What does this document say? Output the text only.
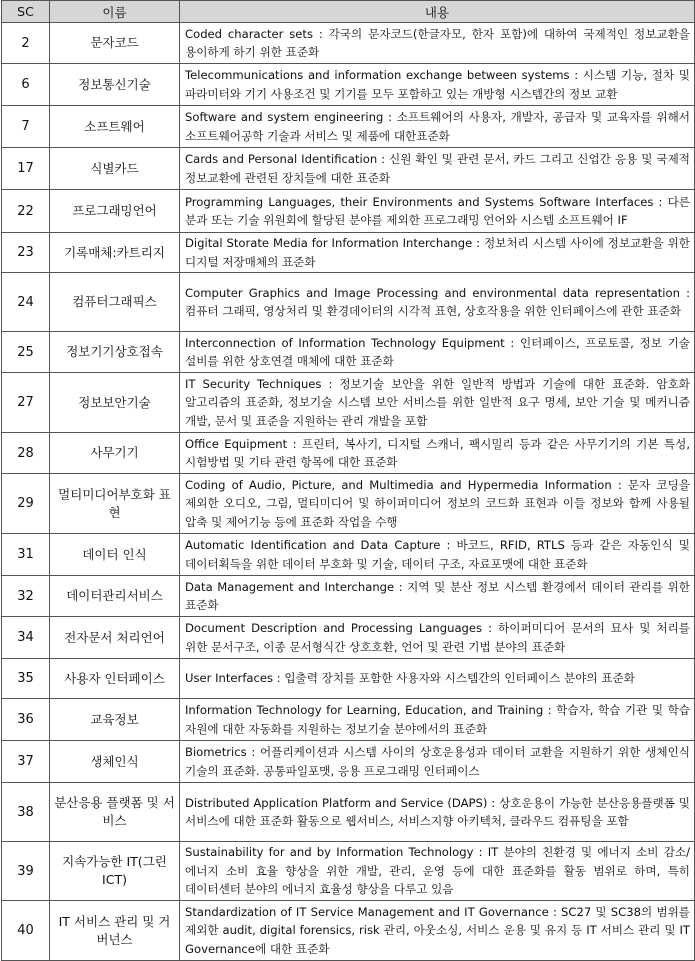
SC	이름	내용
2	문자코드	Coded character sets : 각국의 문자코드(한글자모, 한자 포함)에 대하여 국제적인 정보교환을 용이하게 하기 위한 표준화
6	정보통신기술	Telecommunications and information exchange between systems : 시스템 기능, 절차 및 파라미터와 기기 사용조건 및 기기를 모두 포함하고 있는 개방형 시스템간의 정보 교환
7	소프트웨어	Software and system engineering : 소프트웨어의 사용자, 개발자, 공급자 및 교육자를 위해서 소프트웨어공학 기술과 서비스 및 제품에 대한표준화
17	식별카드	Cards and Personal Identification : 신원 확인 및 관련 문서, 카드 그리고 신업간 응용 및 국제적 정보교환에 관련된 장치들에 대한 표준화
22	프로그래밍언어	Programming Languages, their Environments and Systems Software Interfaces : 다른 분과 또는 기술 위원회에 할당된 분야를 제외한 프로그래밍 언어와 시스템 소프트웨어 IF
23	기록매체:카트리지	Digital Storate Media for Information Interchange : 정보처리 시스템 사이에 정보교환을 위한 디지털 저장매체의 표준화
24	컴퓨터그래픽스	Computer Graphics and Image Processing and environmental data representation : 컴퓨터 그래픽, 영상처리 및 환경데이터의 시각적 표현, 상호작용을 위한 인터페이스에 관한 표준화
25	정보기기상호접속	Interconnection of Information Technology Equipment : 인터페이스, 프로토콜, 정보 기술 설비를 위한 상호연결 매체에 대한 표준화
27	정보보안기술	IT Security Techniques : 정보기술 보안을 위한 일반적 방법과 기술에 대한 표준화. 암호화 알고리즘의 표준화, 정보기술 시스템 보안 서비스를 위한 일반적 요구 명세, 보안 기술 및 메커니즘 개발, 문서 및 표준을 지원하는 관리 개발을 포함
28	사무기기	Office Equipment : 프린터, 복사기, 디지털 스캐너, 팩시밀리 등과 같은 사무기기의 기본 특성, 시험방법 및 기타 관련 항목에 대한 표준화
29	멀티미디어부호화 표현	Coding of Audio, Picture, and Multimedia and Hypermedia Information : 문자 코딩을 제외한 오디오, 그림, 멀티미디어 및 하이퍼미디어 정보의 코드화 표현과 이들 정보와 함께 사용될 압축 및 제어기능 등에 표준화 작업을 수행
31	데이터 인식	Automatic Identification and Data Capture : 바코드, RFID, RTLS 등과 같은 자동인식 및 데이터획득을 위한 데이터 부호화 및 기술, 데이터 구조, 자료포맷에 대한 표준화
32	데이터관리서비스	Data Management and Interchange : 지역 및 분산 정보 시스템 환경에서 데이터 관리를 위한 표준화
34	전자문서 처리언어	Document Description and Processing Languages : 하이퍼미디어 문서의 묘사 및 처리를 위한 문서구조, 이종 문서형식간 상호호환, 언어 및 관련 기법 분야의 표준화
35	사용자 인터페이스	User Interfaces : 입출력 장치를 포함한 사용자와 시스템간의 인터페이스 분야의 표준화
36	교육정보	Information Technology for Learning, Education, and Training : 학습자, 학습 기관 및 학습 자원에 대한 자동화를 지원하는 정보기술 분야에서의 표준화
37	생체인식	Biometrics : 어플리케이션과 시스템 사이의 상호운용성과 데이터 교환을 지원하기 위한 생체인식 기술의 표준화. 공통파일포맷, 응용 프로그래밍 인터페이스
38	분산응용 플랫폼 및 서비스	Distributed Application Platform and Service (DAPS) : 상호운용이 가능한 분산응용플랫폼 및 서비스에 대한 표준화 활동으로 웹서비스, 서비스지향 아키텍처, 클라우드 컴퓨팅을 포함
39	지속가능한 IT(그린 ICT)	Sustainability for and by Information Technology : IT 분야의 친환경 및 에너지 소비 감소/에너지 소비 효율 향상을 위한 개발, 관리, 운영 등에 대한 표준화를 활동 범위로 하며, 특히 데이터센터 분야의 에너지 효율성 향상을 다루고 있음
40	IT 서비스 관리 및 거버넌스	Standardization of IT Service Management and IT Governance : SC27 및 SC38의 범위를 제외한 audit, digital forensics, risk 관리, 아웃소싱, 서비스 운용 및 유지 등 IT 서비스 관리 및 IT Governance에 대한 표준화
